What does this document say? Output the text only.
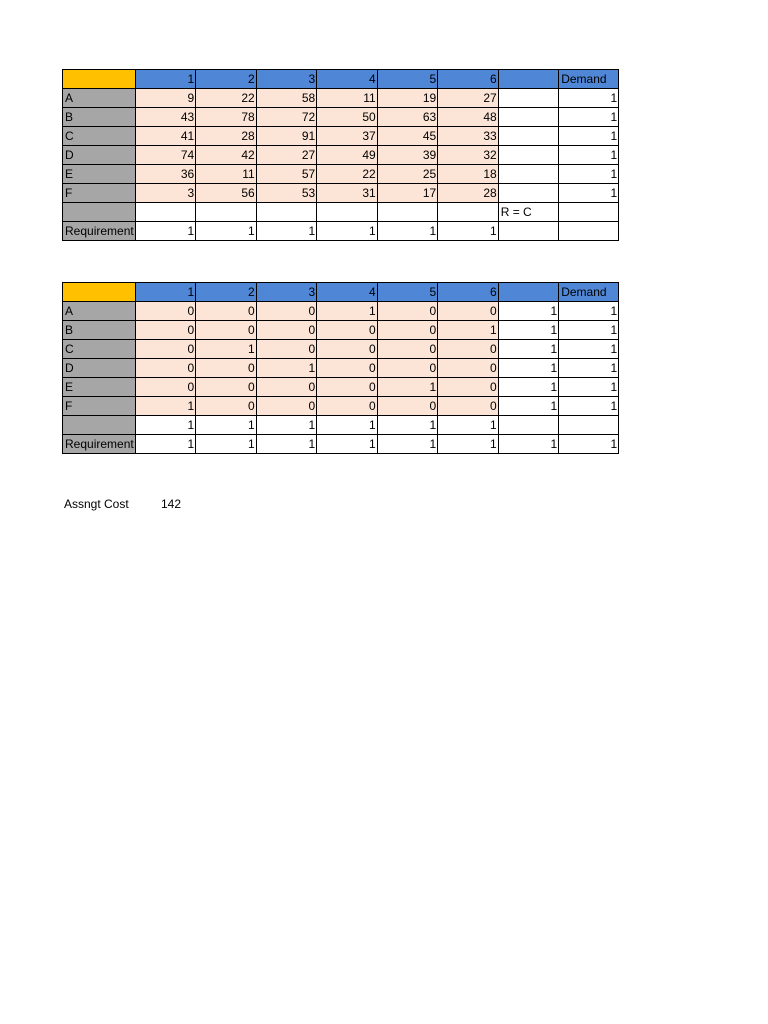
	1	2	3	4	5	6		Demand
A	9	22	58	11	19	27		1
B	43	78	72	50	63	48		1
C	41	28	91	37	45	33		1
D	74	42	27	49	39	32		1
E	36	11	57	22	25	18		1
F	3	56	53	31	17	28		1
							R = C	
Requirement	1	1	1	1	1	1		
	1	2	3	4	5	6		Demand
A	0	0	0	1	0	0	1	1
B	0	0	0	0	0	1	1	1
C	0	1	0	0	0	0	1	1
D	0	0	1	0	0	0	1	1
E	0	0	0	0	1	0	1	1
F	1	0	0	0	0	0	1	1
	1	1	1	1	1	1		
Requirement	1	1	1	1	1	1	1	1
Assngt Cost	142
